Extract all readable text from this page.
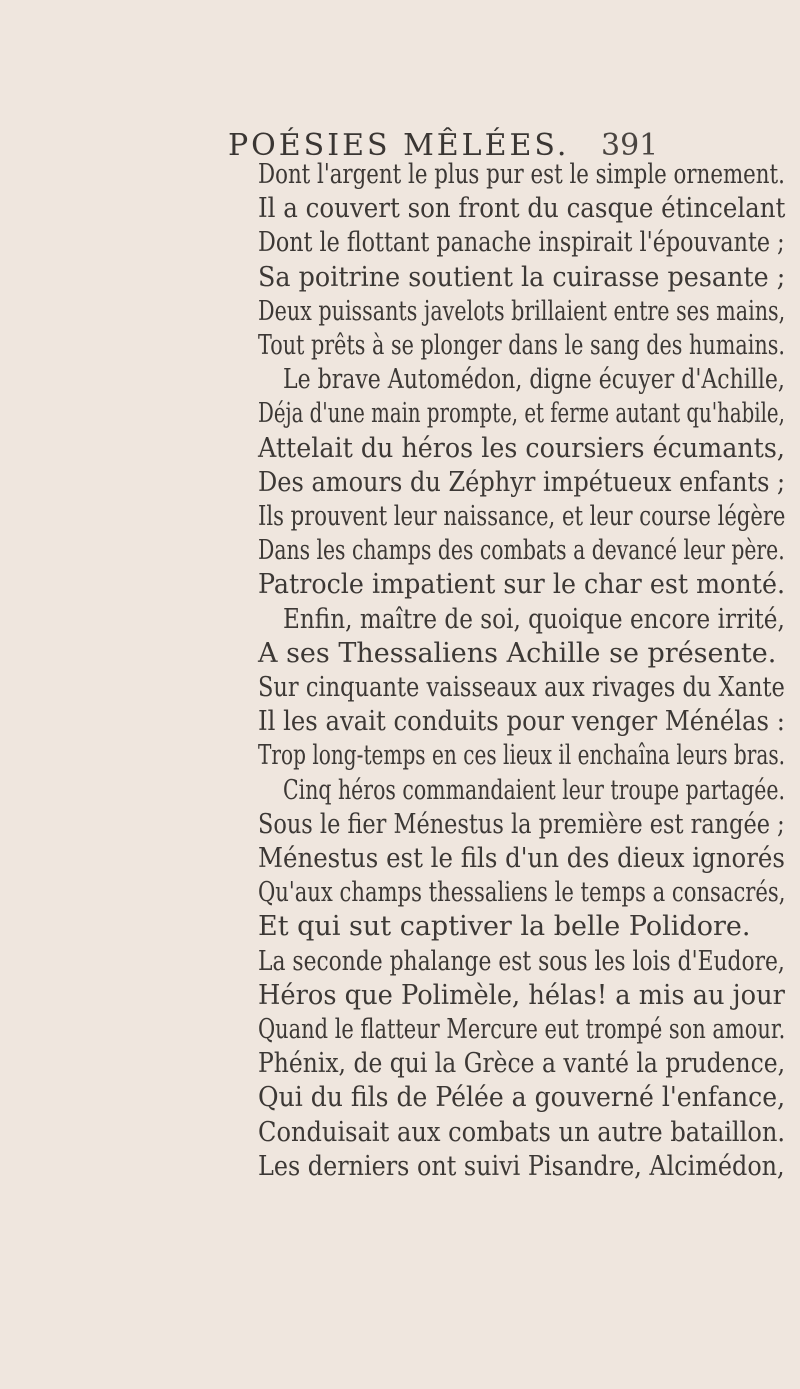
POÉSIES MÊLÉES. 391
Dont l'argent le plus pur est le simple ornement.
Il a couvert son front du casque étincelant
Dont le flottant panache inspirait l'épouvante ;
Sa poitrine soutient la cuirasse pesante ;
Deux puissants javelots brillaient entre ses mains,
Tout prêts à se plonger dans le sang des humains.
Le brave Automédon, digne écuyer d'Achille,
Déja d'une main prompte, et ferme autant qu'habile,
Attelait du héros les coursiers écumants,
Des amours du Zéphyr impétueux enfants ;
Ils prouvent leur naissance, et leur course légère
Dans les champs des combats a devancé leur père.
Patrocle impatient sur le char est monté.
Enfin, maître de soi, quoique encore irrité,
A ses Thessaliens Achille se présente.
Sur cinquante vaisseaux aux rivages du Xante
Il les avait conduits pour venger Ménélas :
Trop long-temps en ces lieux il enchaîna leurs bras.
Cinq héros commandaient leur troupe partagée.
Sous le fier Ménestus la première est rangée ;
Ménestus est le fils d'un des dieux ignorés
Qu'aux champs thessaliens le temps a consacrés,
Et qui sut captiver la belle Polidore.
La seconde phalange est sous les lois d'Eudore,
Héros que Polimèle, hélas! a mis au jour
Quand le flatteur Mercure eut trompé son amour.
Phénix, de qui la Grèce a vanté la prudence,
Qui du fils de Pélée a gouverné l'enfance,
Conduisait aux combats un autre bataillon.
Les derniers ont suivi Pisandre, Alcimédon,
